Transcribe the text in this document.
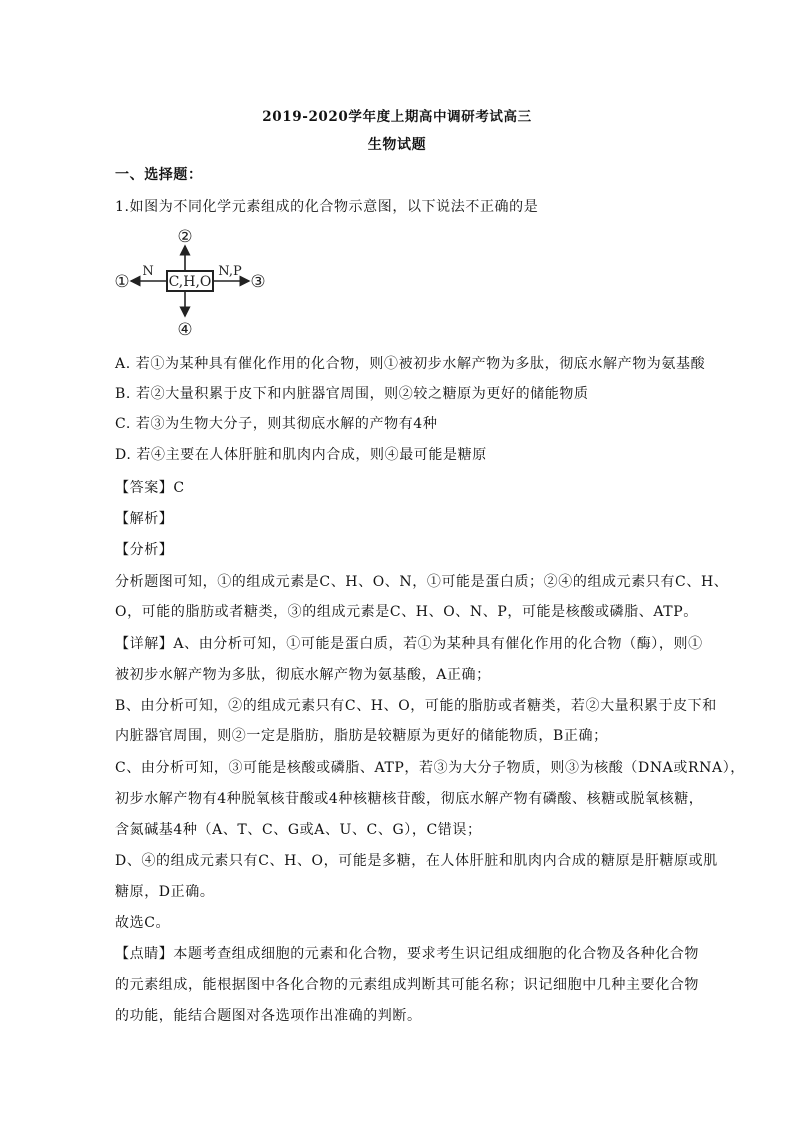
2019-2020学年度上期高中调研考试高三
生物试题
一、选择题：
1.如图为不同化学元素组成的化合物示意图，以下说法不正确的是
C,H,O
N	N,P
①
②
③
④
A. 若①为某种具有催化作用的化合物，则①被初步水解产物为多肽，彻底水解产物为氨基酸
B. 若②大量积累于皮下和内脏器官周围，则②较之糖原为更好的储能物质
C. 若③为生物大分子，则其彻底水解的产物有4种
D. 若④主要在人体肝脏和肌肉内合成，则④最可能是糖原
【答案】C
【解析】
【分析】
分析题图可知，①的组成元素是C、H、O、N，①可能是蛋白质；②④的组成元素只有C、H、
O，可能的脂肪或者糖类，③的组成元素是C、H、O、N、P，可能是核酸或磷脂、ATP。
【详解】A、由分析可知，①可能是蛋白质，若①为某种具有催化作用的化合物（酶），则①
被初步水解产物为多肽，彻底水解产物为氨基酸，A正确；
B、由分析可知，②的组成元素只有C、H、O，可能的脂肪或者糖类，若②大量积累于皮下和
内脏器官周围，则②一定是脂肪，脂肪是较糖原为更好的储能物质，B正确；
C、由分析可知，③可能是核酸或磷脂、ATP，若③为大分子物质，则③为核酸（DNA或RNA），
初步水解产物有4种脱氧核苷酸或4种核糖核苷酸，彻底水解产物有磷酸、核糖或脱氧核糖，
含氮碱基4种（A、T、C、G或A、U、C、G），C错误；
D、④的组成元素只有C、H、O，可能是多糖，在人体肝脏和肌肉内合成的糖原是肝糖原或肌
糖原，D正确。
故选C。
【点睛】本题考查组成细胞的元素和化合物，要求考生识记组成细胞的化合物及各种化合物
的元素组成，能根据图中各化合物的元素组成判断其可能名称；识记细胞中几种主要化合物
的功能，能结合题图对各选项作出准确的判断。
